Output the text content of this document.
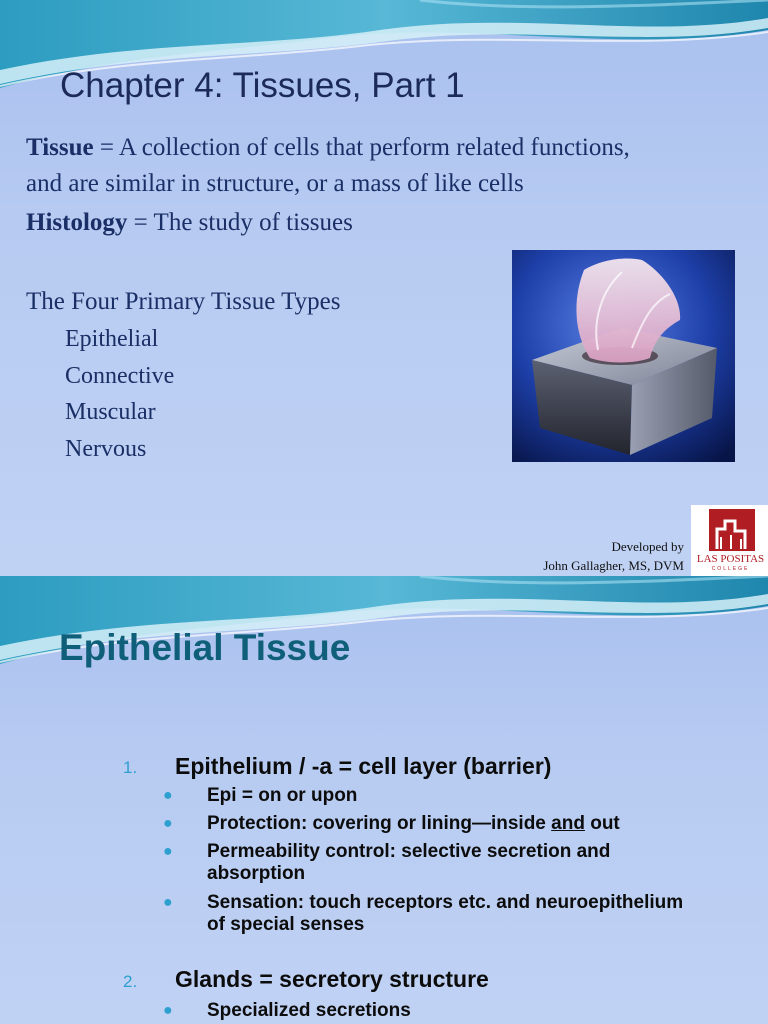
Chapter 4: Tissues, Part 1
Tissue = A collection of cells that perform related functions,
and are similar in structure, or a mass of like cells
Histology = The study of tissues
The Four Primary Tissue Types
Epithelial
Connective
Muscular
Nervous
Developed by
John Gallagher, MS, DVM	LAS POSITAS
COLLEGE
Epithelial Tissue
1. Epithelium / -a = cell layer (barrier)
● Epi = on or upon
● Protection: covering or lining—inside and out
● Permeability control: selective secretion and
absorption
● Sensation: touch receptors etc. and neuroepithelium
of special senses
2. Glands = secretory structure
● Specialized secretions
